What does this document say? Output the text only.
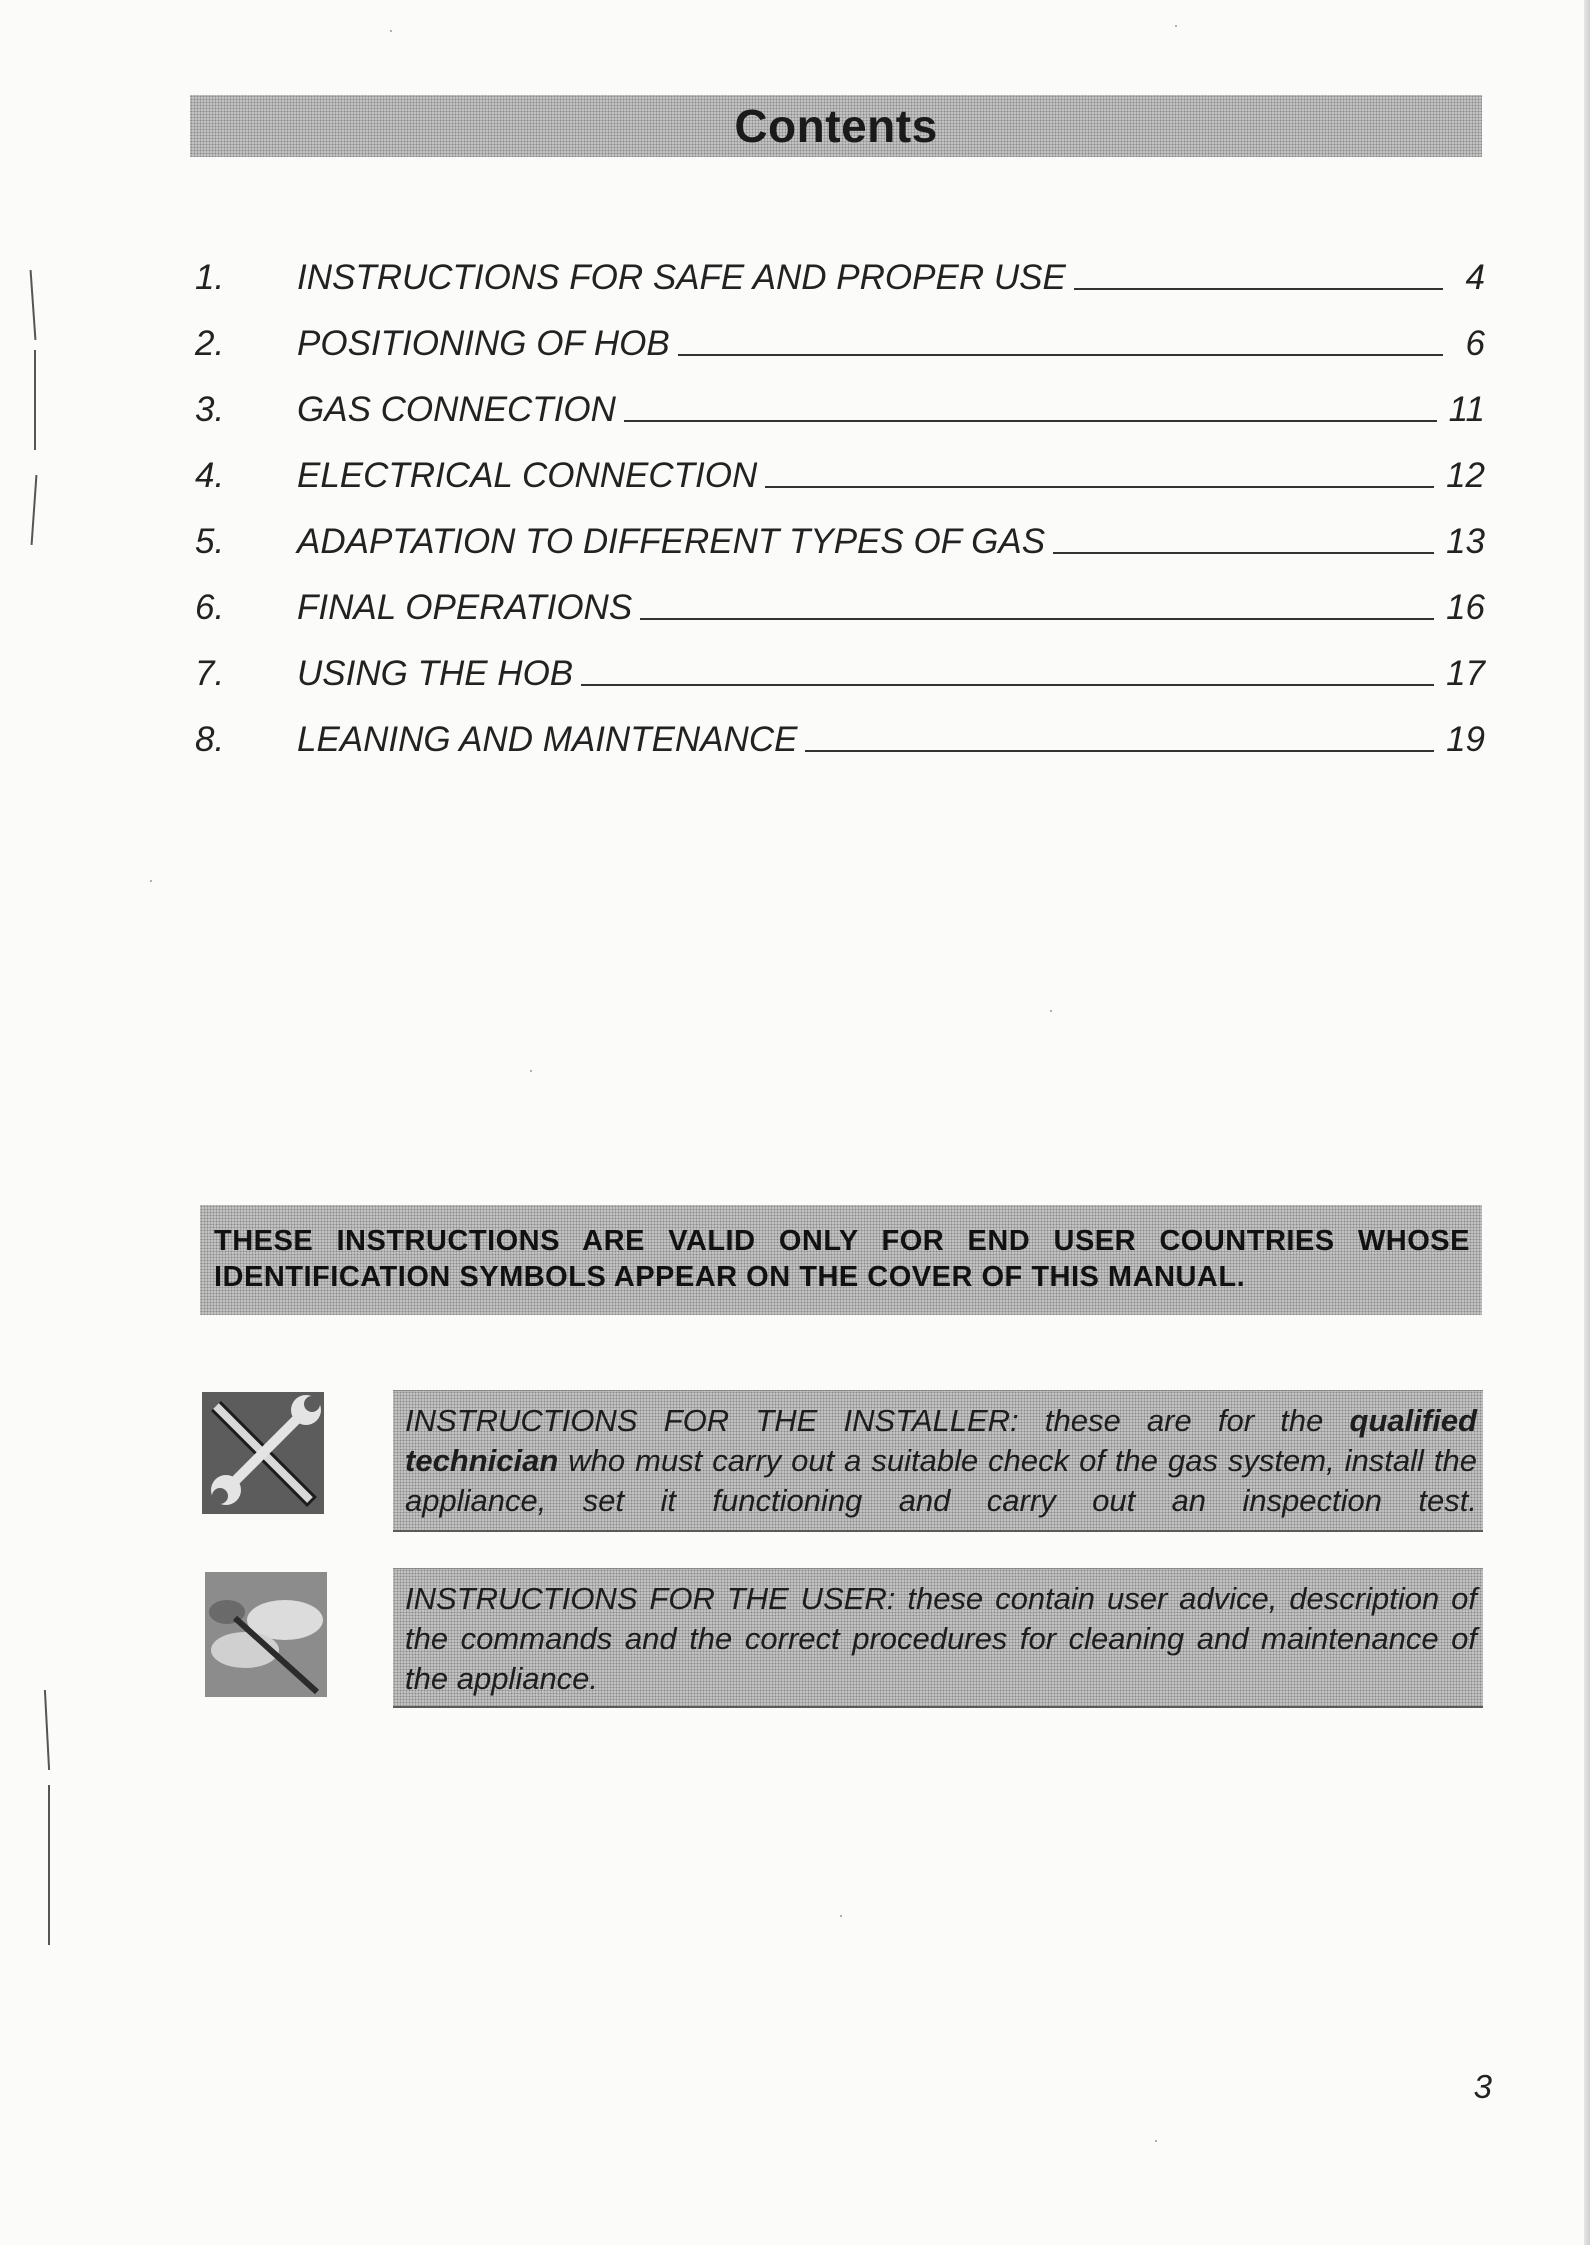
Contents
1.	INSTRUCTIONS FOR SAFE AND PROPER USE	4
2.	POSITIONING OF HOB	6
3.	GAS CONNECTION	11
4.	ELECTRICAL CONNECTION	12
5.	ADAPTATION TO DIFFERENT TYPES OF GAS	13
6.	FINAL OPERATIONS	16
7.	USING THE HOB	17
8.	LEANING AND MAINTENANCE	19
THESE INSTRUCTIONS ARE VALID ONLY FOR END USER COUNTRIES WHOSE IDENTIFICATION SYMBOLS APPEAR ON THE COVER OF THIS MANUAL.

INSTRUCTIONS FOR THE INSTALLER: these are for the qualified technician who must carry out a suitable check of the gas system, install the appliance, set it functioning and carry out an inspection test.

INSTRUCTIONS FOR THE USER: these contain user advice, description of the commands and the correct procedures for cleaning and maintenance of the appliance.

3
